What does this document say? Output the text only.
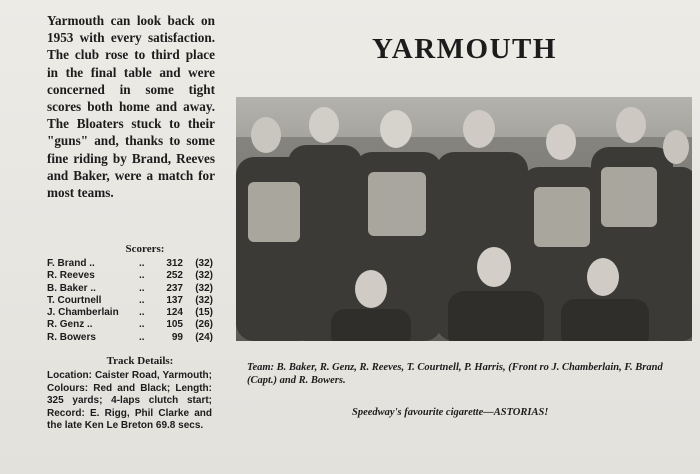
Yarmouth can look back on 1953 with every satisfaction. The club rose to third place in the final table and were concerned in some tight scores both home and away. The Bloaters stuck to their "guns" and, thanks to some fine riding by Brand, Reeves and Baker, were a match for most teams.

Scorers:

F. Brand ..	..	312	(32)
R. Reeves	..	252	(32)
B. Baker ..	..	237	(32)
T. Courtnell	..	137	(32)
J. Chamberlain	..	124	(15)
R. Genz ..	..	105	(26)
R. Bowers	..	99	(24)

Track Details:

Location: Caister Road, Yarmouth; Colours: Red and Black; Length: 325 yards; 4-laps clutch start; Record: E. Rigg, Phil Clarke and the late Ken Le Breton 69.8 secs.

YARMOUTH

Team: B. Baker, R. Genz, R. Reeves, T. Courtnell, P. Harris, (Front ro J. Chamberlain, F. Brand (Capt.) and R. Bowers.

Speedway's favourite cigarette—ASTORIAS!
